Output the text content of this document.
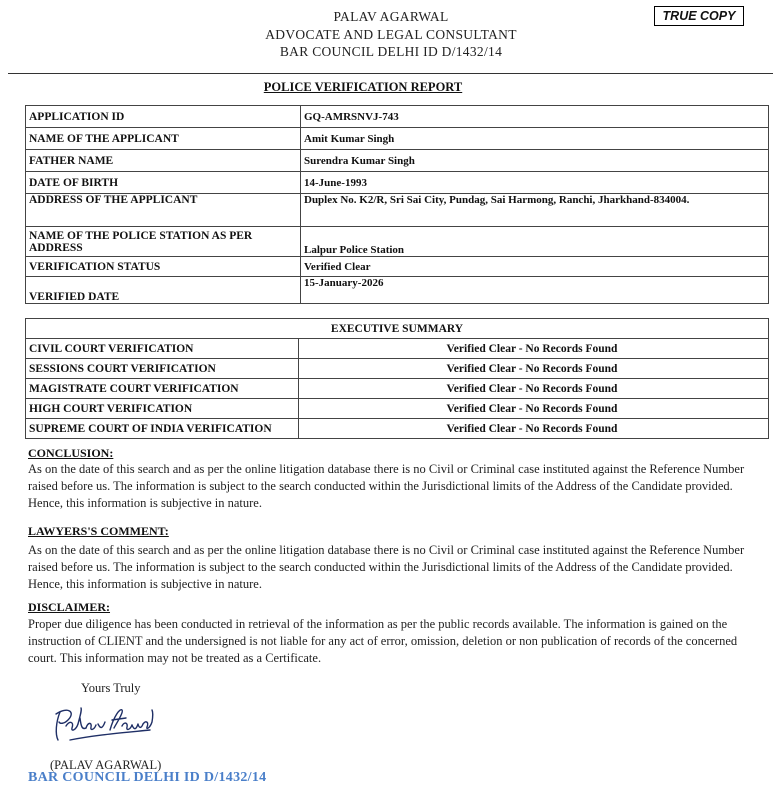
PALAV AGARWAL
ADVOCATE AND LEGAL CONSULTANT
BAR COUNCIL DELHI ID D/1432/14
TRUE COPY
POLICE VERIFICATION REPORT
APPLICATION ID	GQ-AMRSNVJ-743
NAME OF THE APPLICANT	Amit Kumar Singh
FATHER NAME	Surendra Kumar Singh
DATE OF BIRTH	14-June-1993
ADDRESS OF THE APPLICANT	Duplex No. K2/R, Sri Sai City, Pundag, Sai Harmong, Ranchi, Jharkhand-834004.
NAME OF THE POLICE STATION AS PER ADDRESS	Lalpur Police Station
VERIFICATION STATUS	Verified Clear
VERIFIED DATE	15-January-2026
EXECUTIVE SUMMARY	
CIVIL COURT VERIFICATION	Verified Clear - No Records Found
SESSIONS COURT VERIFICATION	Verified Clear - No Records Found
MAGISTRATE COURT VERIFICATION	Verified Clear - No Records Found
HIGH COURT VERIFICATION	Verified Clear - No Records Found
SUPREME COURT OF INDIA VERIFICATION	Verified Clear - No Records Found
CONCLUSION:
As on the date of this search and as per the online litigation database there is no Civil or Criminal case instituted against the Reference Number raised before us. The information is subject to the search conducted within the Jurisdictional limits of the Address of the Candidate provided. Hence, this information is subjective in nature.
LAWYERS'S COMMENT:
As on the date of this search and as per the online litigation database there is no Civil or Criminal case instituted against the Reference Number raised before us. The information is subject to the search conducted within the Jurisdictional limits of the Address of the Candidate provided. Hence, this information is subjective in nature.
DISCLAIMER:
Proper due diligence has been conducted in retrieval of the information as per the public records available. The information is gained on the instruction of CLIENT and the undersigned is not liable for any act of error, omission, deletion or non publication of records of the concerned court. This information may not be treated as a Certificate.
Yours Truly
(PALAV AGARWAL)
BAR COUNCIL DELHI ID D/1432/14
